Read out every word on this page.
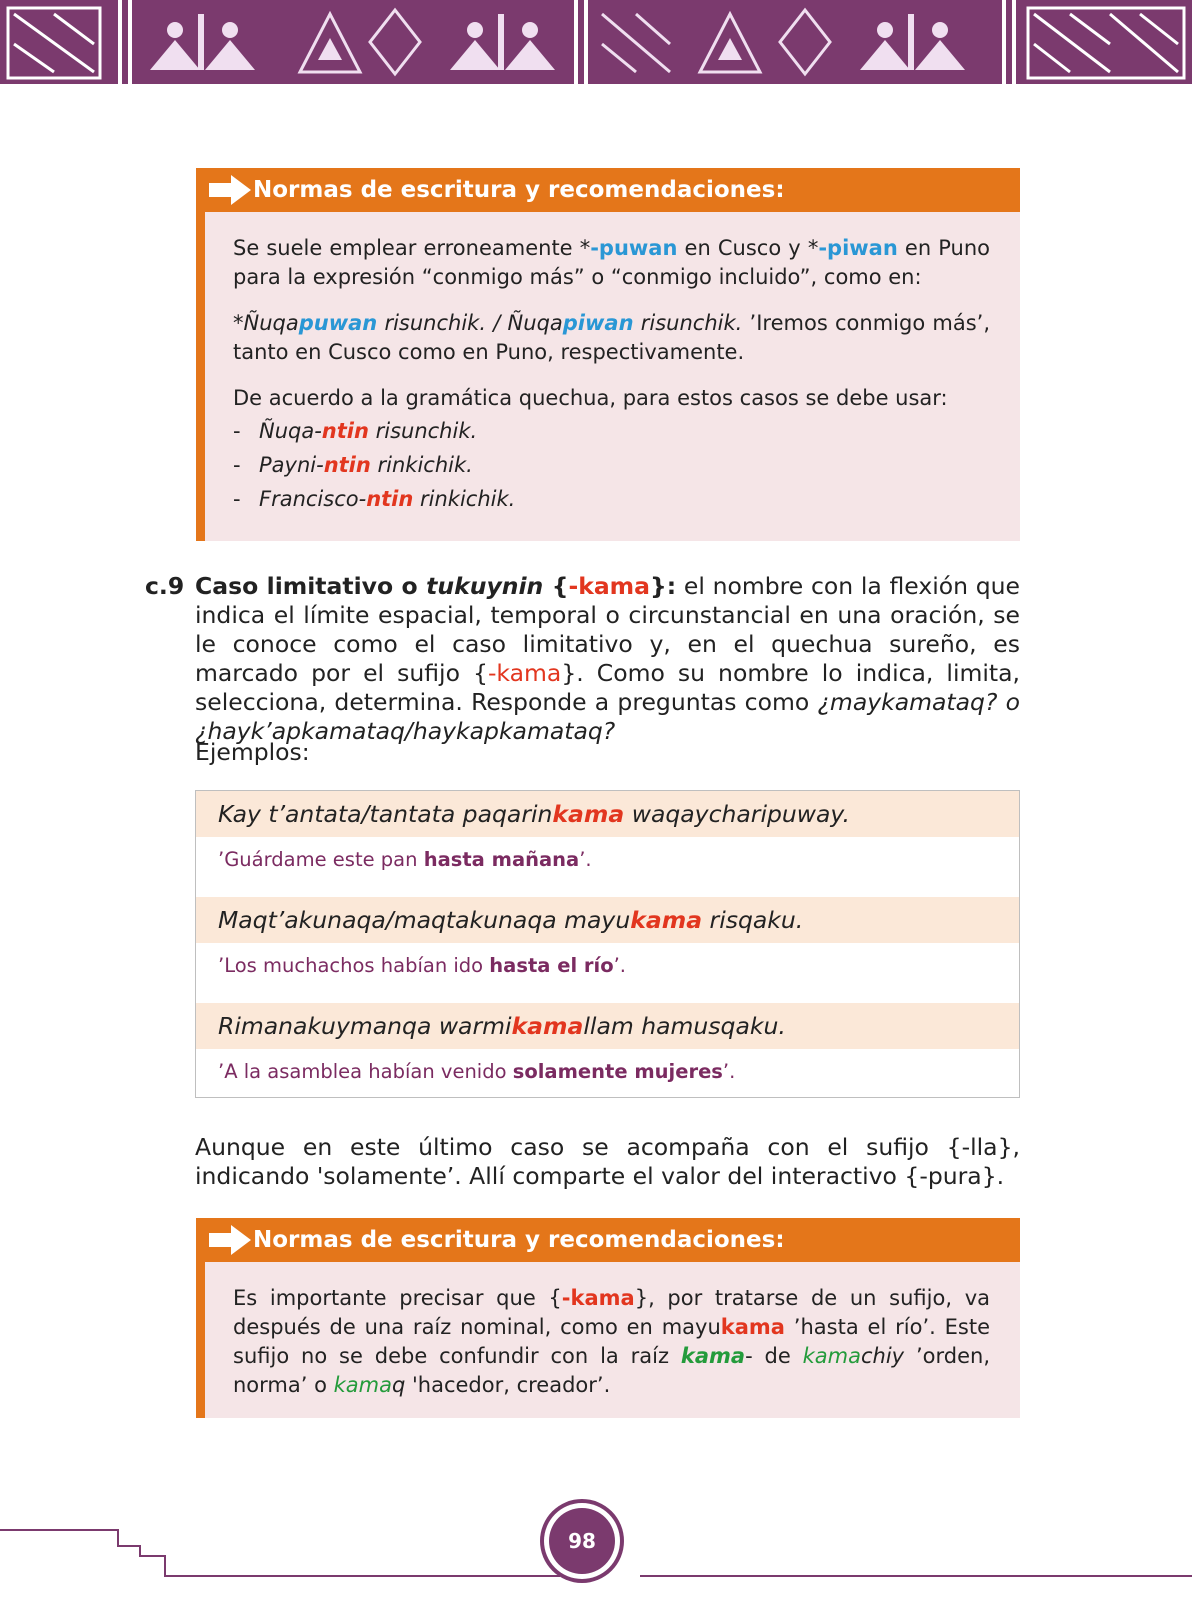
Normas de escritura y recomendaciones:

Se suele emplear erroneamente *-puwan en Cusco y *-piwan en Puno para la expresión “conmigo más” o “conmigo incluido”, como en:

*Ñuqapuwan risunchik. / Ñuqapiwan risunchik. ’Iremos conmigo más’, tanto en Cusco como en Puno, respectivamente.

De acuerdo a la gramática quechua, para estos casos se debe usar:

- Ñuqa-ntin risunchik.
- Payni-ntin rinkichik.
- Francisco-ntin rinkichik.
c.9 Caso limitativo o tukuynin {-kama}: el nombre con la flexión que indica el límite espacial, temporal o circunstancial en una oración, se le conoce como el caso limitativo y, en el quechua sureño, es marcado por el sufijo {-kama}. Como su nombre lo indica, limita, selecciona, determina. Responde a preguntas como ¿maykamataq? o ¿hayk’apkamataq/haykapkamataq?
Ejemplos:
Kay t’antata/tantata paqarinkama waqaycharipuway.
’Guárdame este pan hasta mañana’.
Maqt’akunaqa/maqtakunaqa mayukama risqaku.
’Los muchachos habían ido hasta el río’.
Rimanakuymanqa warmikamallam hamusqaku.
’A la asamblea habían venido solamente mujeres’.
Aunque en este último caso se acompaña con el sufijo {-lla}, indicando 'solamente’. Allí comparte el valor del interactivo {-pura}.
Normas de escritura y recomendaciones:
Es importante precisar que {-kama}, por tratarse de un sufijo, va después de una raíz nominal, como en mayukama ’hasta el río’. Este sufijo no se debe confundir con la raíz kama- de kamachiy ’orden, norma’ o kamaq 'hacedor, creador’.
98
